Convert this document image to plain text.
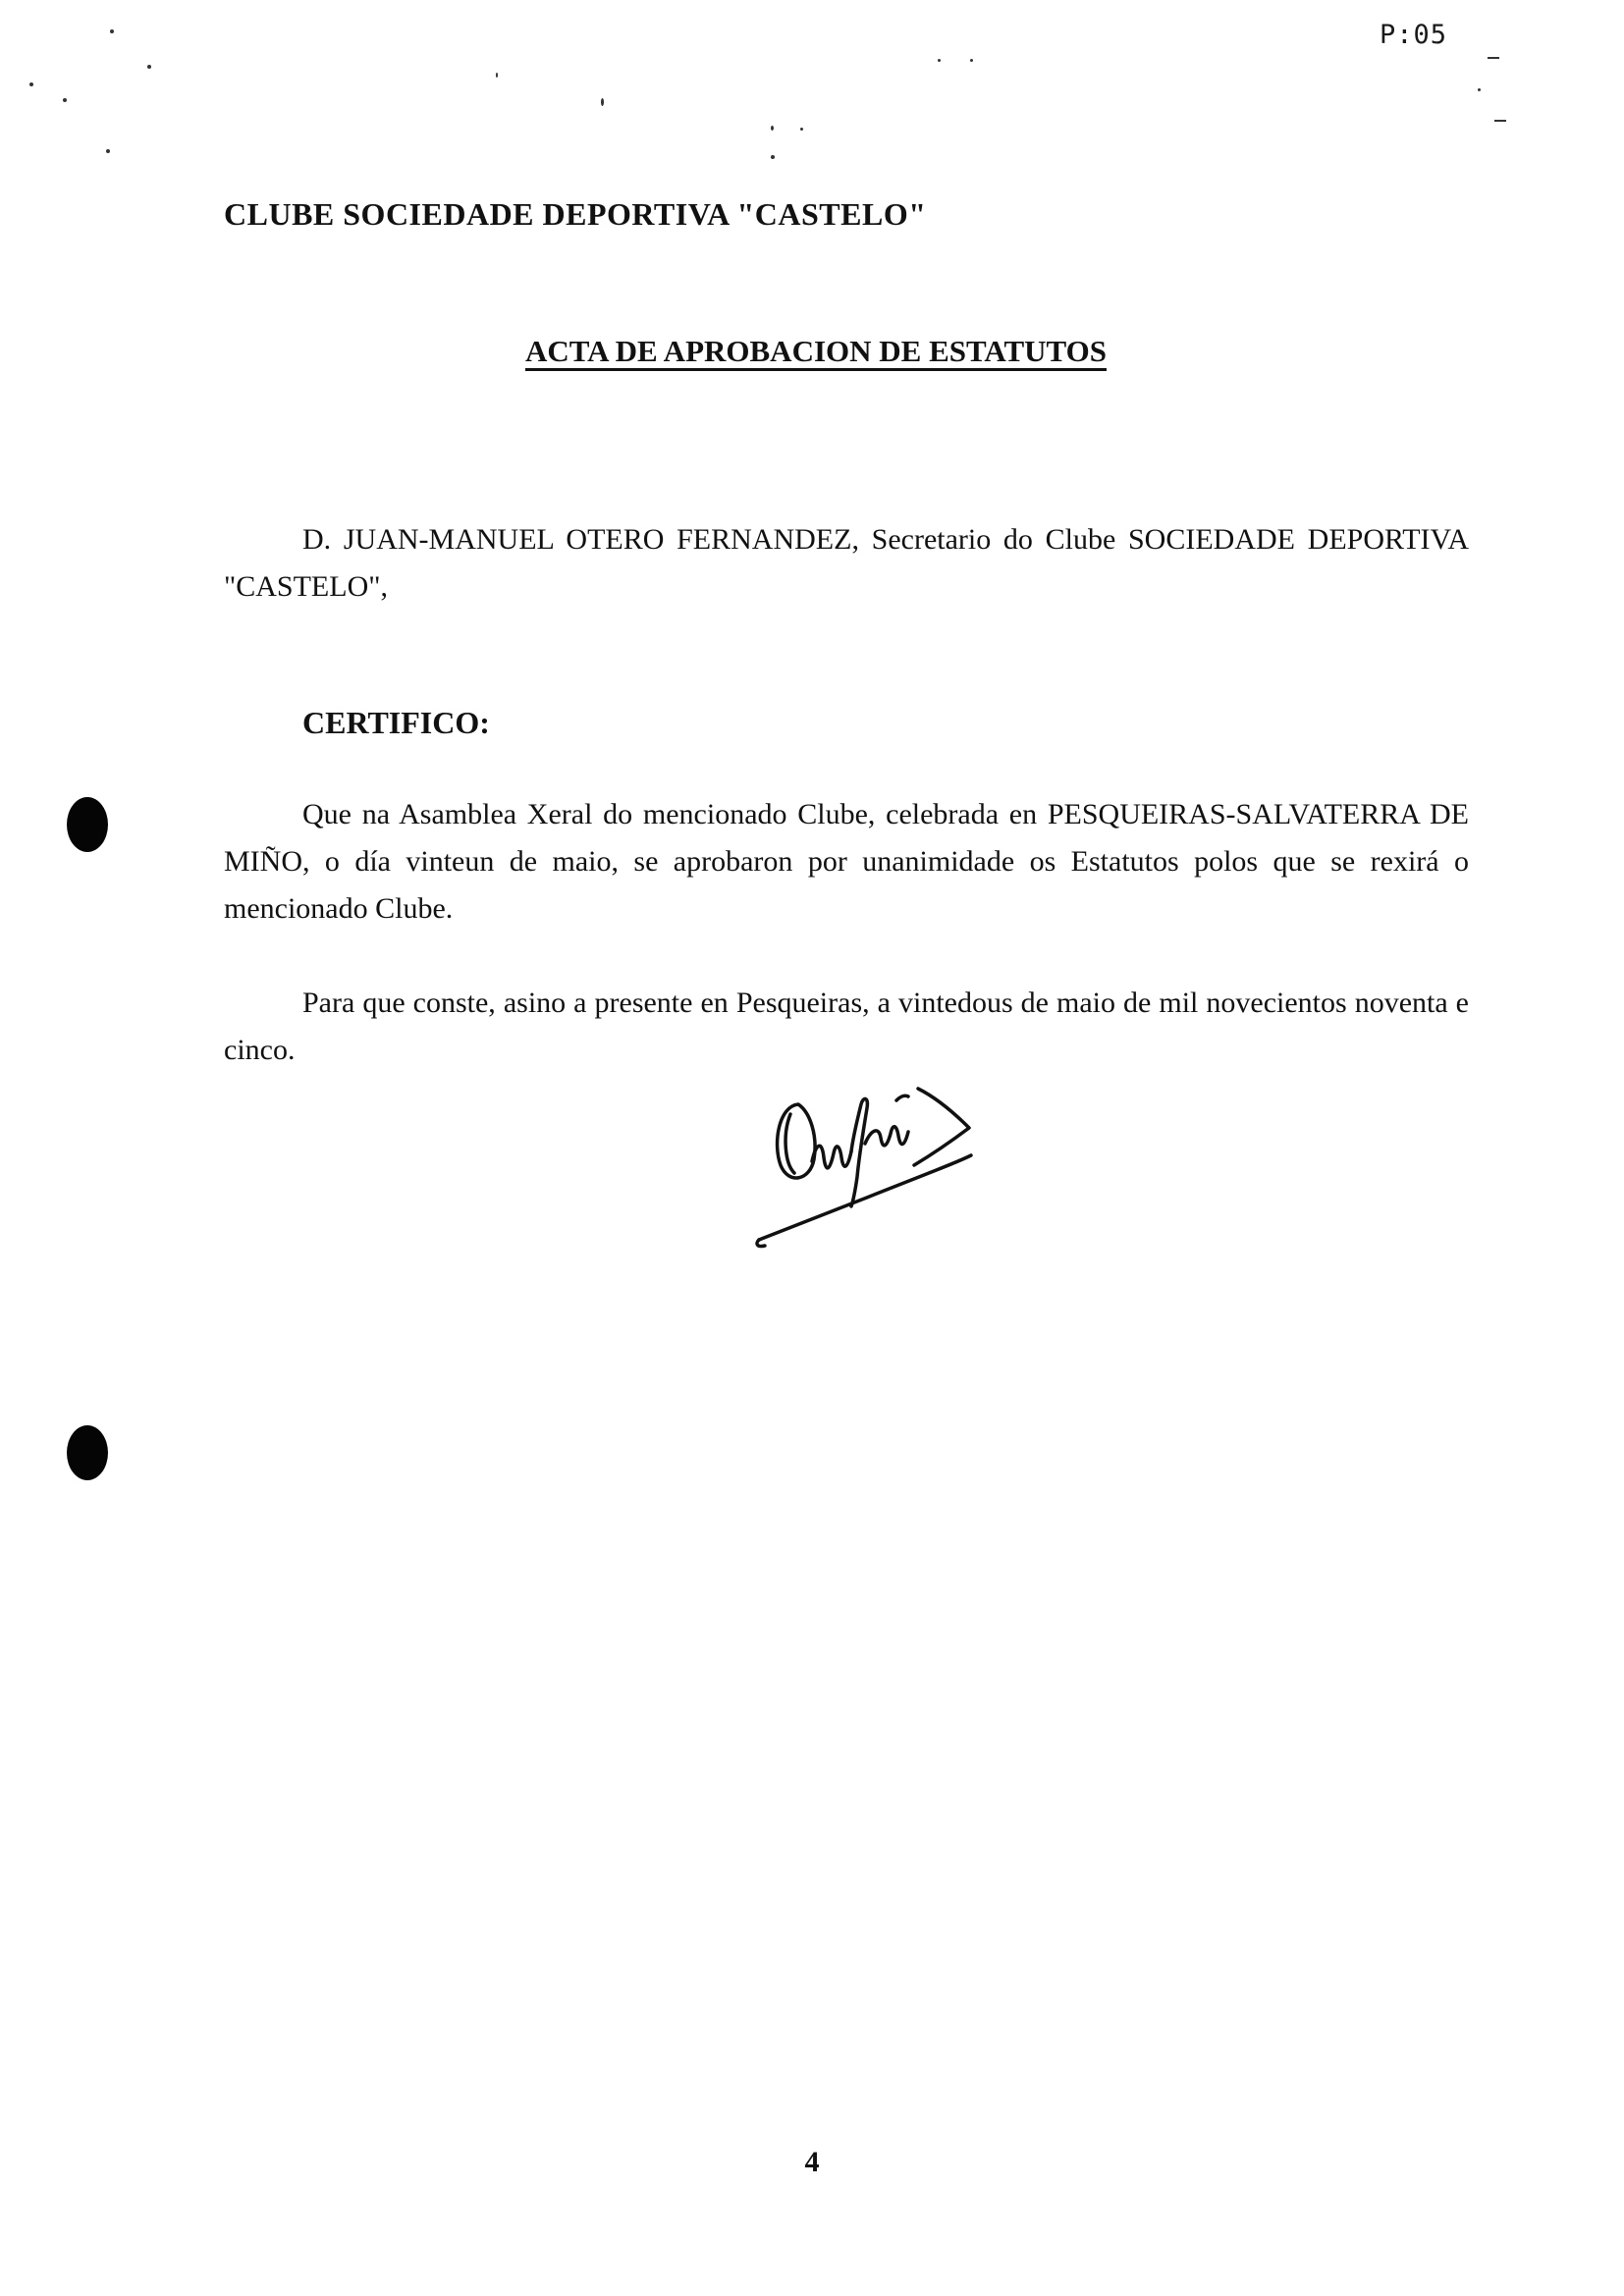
P:05
CLUBE SOCIEDADE DEPORTIVA "CASTELO"
ACTA DE APROBACION DE ESTATUTOS
D. JUAN-MANUEL OTERO FERNANDEZ, Secretario do Clube SOCIEDADE DEPORTIVA "CASTELO",
CERTIFICO:
Que na Asamblea Xeral do mencionado Clube, celebrada en PESQUEIRAS-SALVATERRA DE MIÑO, o día vinteun de maio, se aprobaron por unanimidade os Estatutos polos que se rexirá o mencionado Clube.
Para que conste, asino a presente en Pesqueiras, a vintedous de maio de mil novecientos noventa e cinco.
4
